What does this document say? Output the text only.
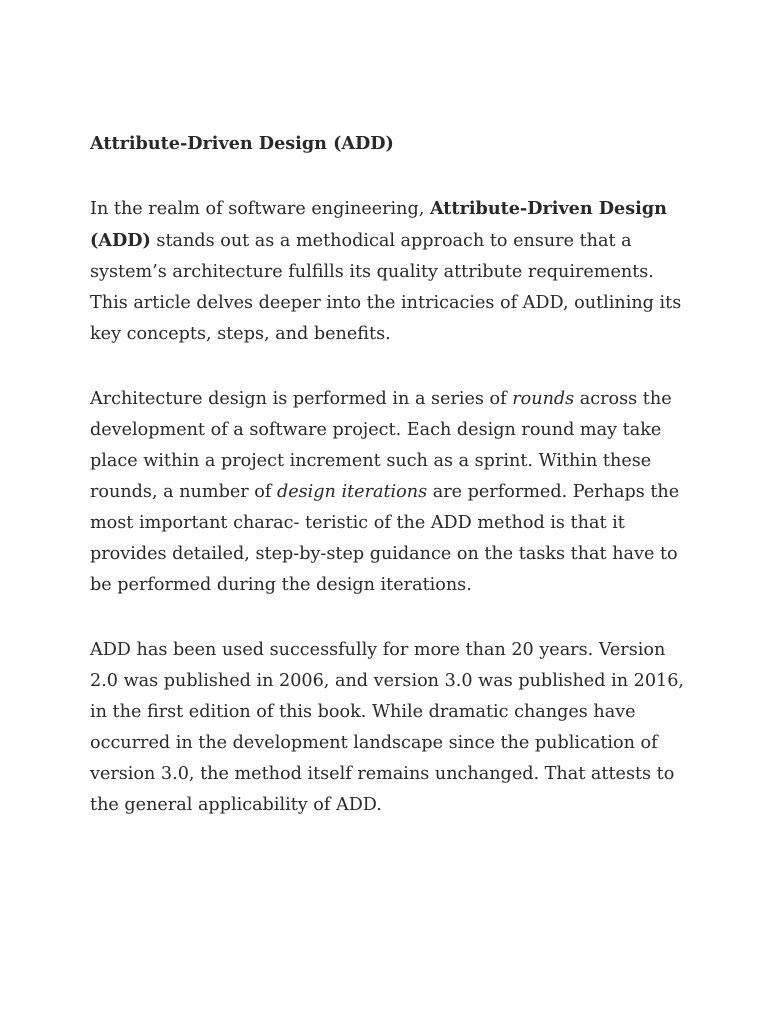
Attribute-Driven Design (ADD)

In the realm of software engineering, Attribute-Driven Design (ADD) stands out as a methodical approach to ensure that a system’s architecture fulfills its quality attribute requirements. This article delves deeper into the intricacies of ADD, outlining its key concepts, steps, and benefits.

Architecture design is performed in a series of rounds across the development of a software project. Each design round may take place within a project increment such as a sprint. Within these rounds, a number of design iterations are performed. Perhaps the most important charac- teristic of the ADD method is that it provides detailed, step-by-step guidance on the tasks that have to be performed during the design iterations.

ADD has been used successfully for more than 20 years. Version 2.0 was published in 2006, and version 3.0 was published in 2016, in the first edition of this book. While dramatic changes have occurred in the development landscape since the publication of version 3.0, the method itself remains unchanged. That attests to the general applicability of ADD.
